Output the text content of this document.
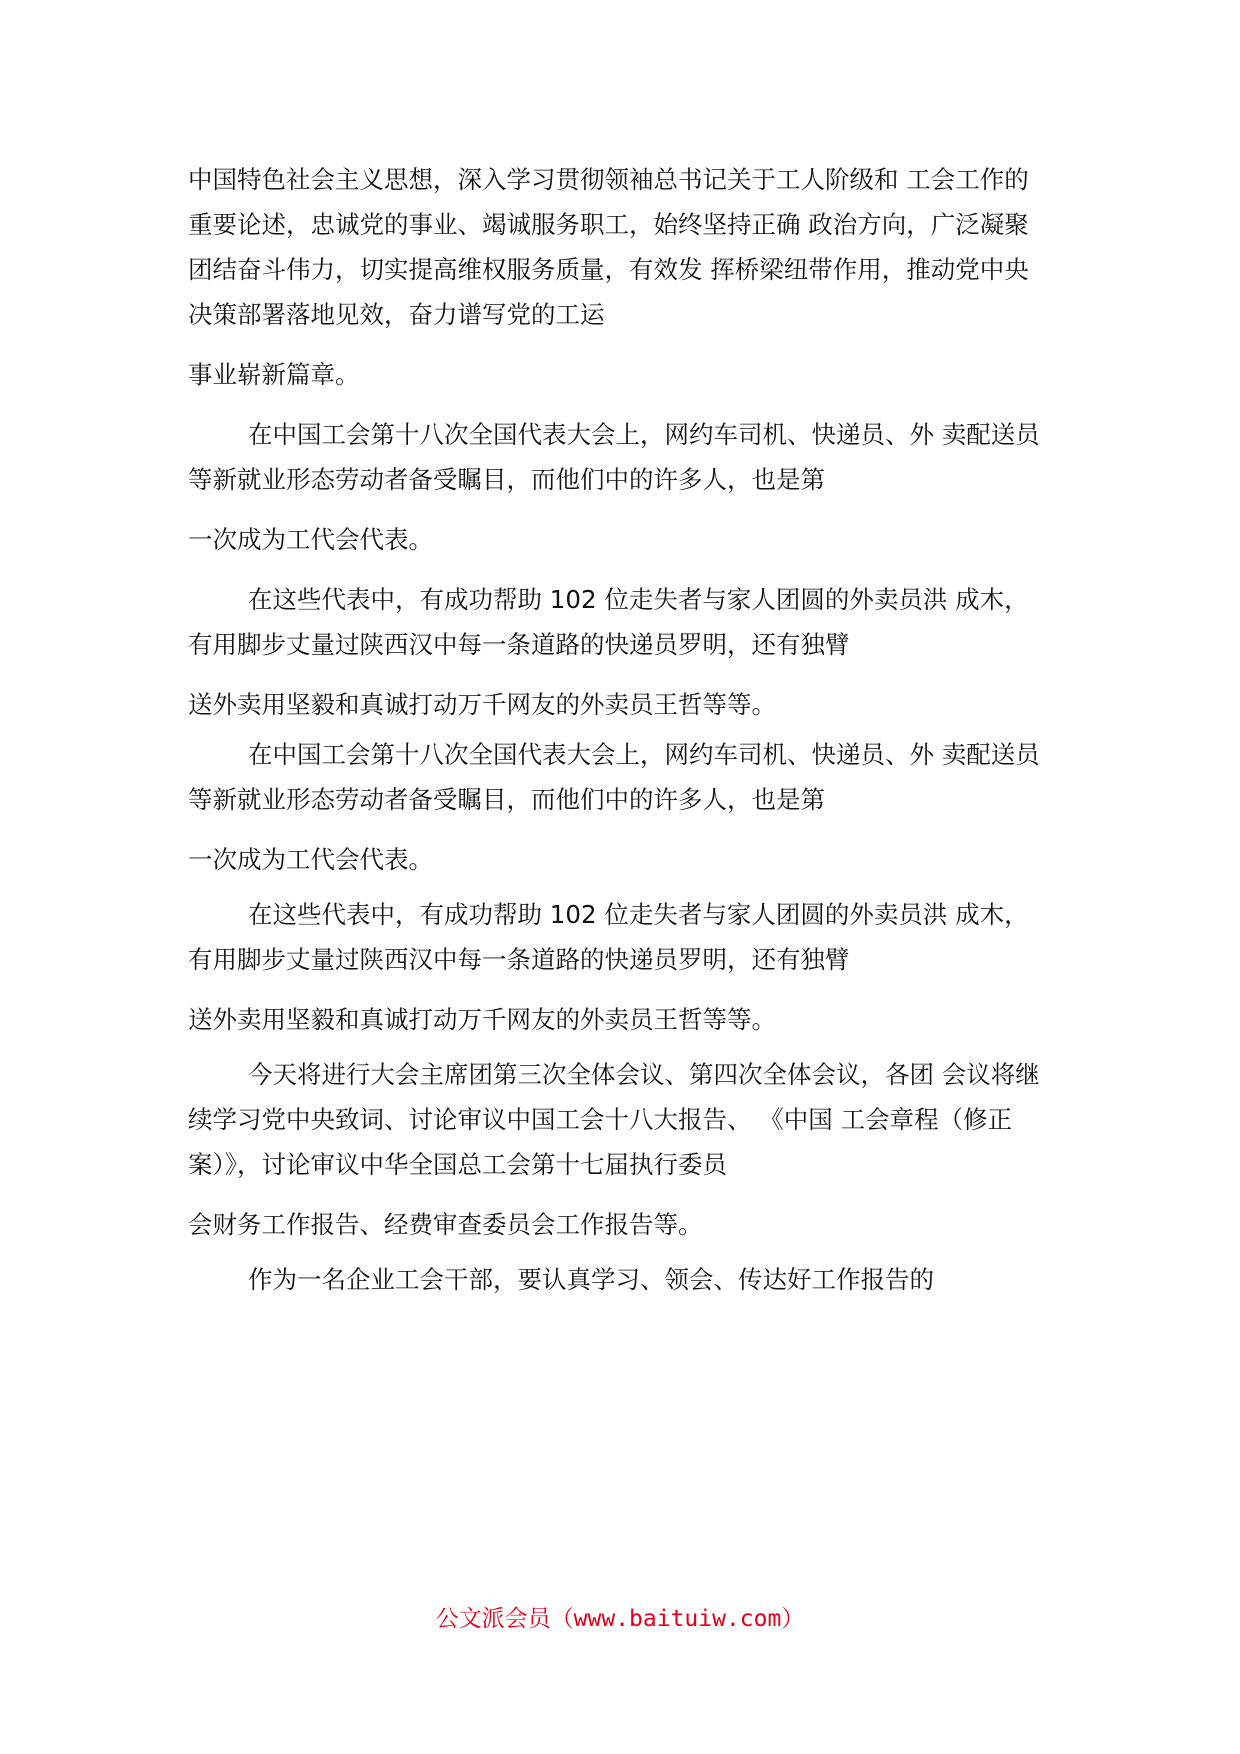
中国特色社会主义思想，深入学习贯彻领袖总书记关于工人阶级和 工会工作的
重要论述，忠诚党的事业、竭诚服务职工，始终坚持正确 政治方向，广泛凝聚
团结奋斗伟力，切实提高维权服务质量，有效发 挥桥梁纽带作用，推动党中央
决策部署落地见效，奋力谱写党的工运
事业崭新篇章。
在中国工会第十八次全国代表大会上，网约车司机、快递员、外 卖配送员
等新就业形态劳动者备受瞩目，而他们中的许多人，也是第
一次成为工代会代表。
在这些代表中，有成功帮助 102 位走失者与家人团圆的外卖员洪 成木，
有用脚步丈量过陕西汉中每一条道路的快递员罗明，还有独臂
送外卖用坚毅和真诚打动万千网友的外卖员王哲等等。
在中国工会第十八次全国代表大会上，网约车司机、快递员、外 卖配送员
等新就业形态劳动者备受瞩目，而他们中的许多人，也是第
一次成为工代会代表。
在这些代表中，有成功帮助 102 位走失者与家人团圆的外卖员洪 成木，
有用脚步丈量过陕西汉中每一条道路的快递员罗明，还有独臂
送外卖用坚毅和真诚打动万千网友的外卖员王哲等等。
今天将进行大会主席团第三次全体会议、第四次全体会议，各团 会议将继
续学习党中央致词、讨论审议中国工会十八大报告、 《中国 工会章程（修正
案）》，讨论审议中华全国总工会第十七届执行委员
会财务工作报告、经费审查委员会工作报告等。
作为一名企业工会干部，要认真学习、领会、传达好工作报告的
公文派会员（www.baituiw.com）
